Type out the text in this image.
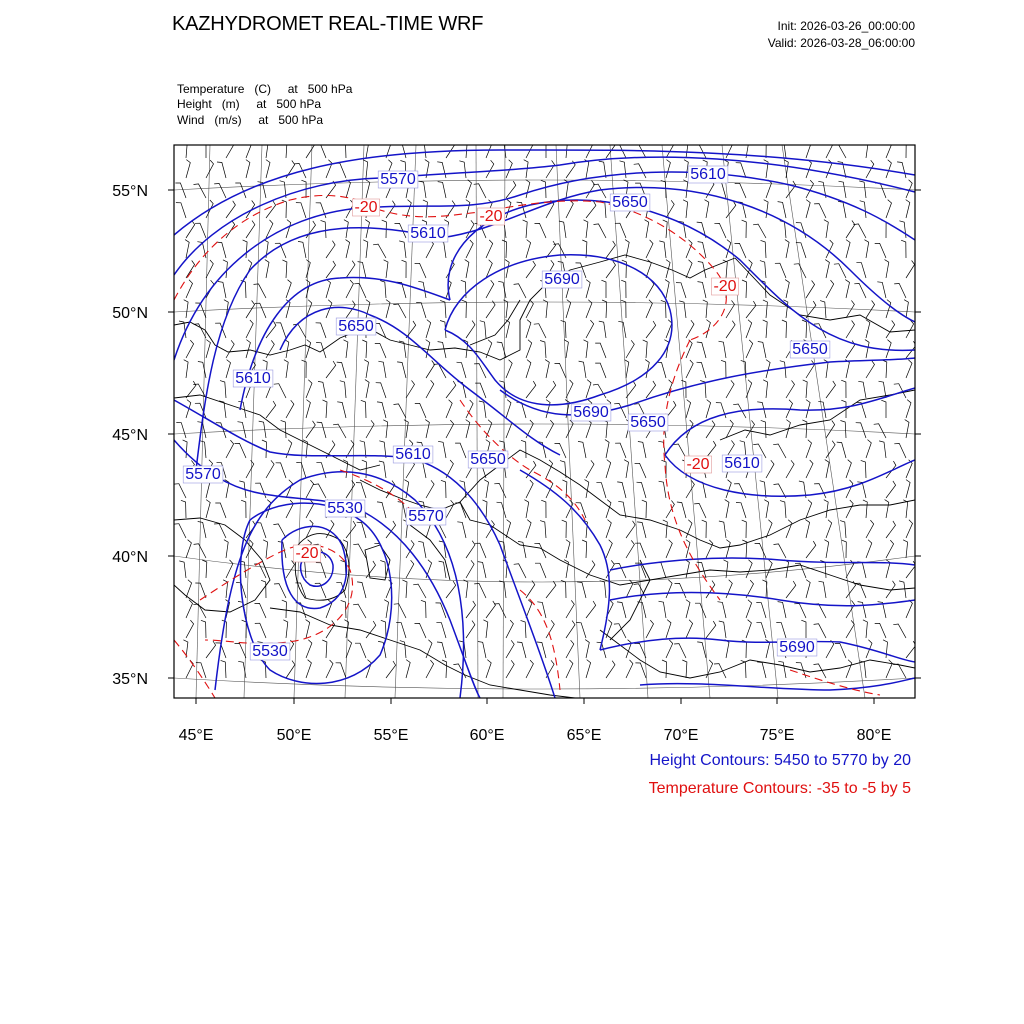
KAZHYDROMET REAL-TIME WRF	Init: 2026-03-26_00:00:00
Valid: 2026-03-28_06:00:00
Temperature   (C)     at   500 hPa
Height   (m)     at   500 hPa
Wind   (m/s)     at   500 hPa
55°N
50°N
45°N
40°N
35°N
45°E	50°E	55°E	60°E	65°E	70°E	75°E	80°E
5570	5610
5650
5610
5690
5650
5610
5690
5650
5650
5610 5650
5570
5530	5570
5530	5690
5610
-20
-20
-20
-20
-20
Height Contours: 5450 to 5770 by 20
Temperature Contours: -35 to -5 by 5
